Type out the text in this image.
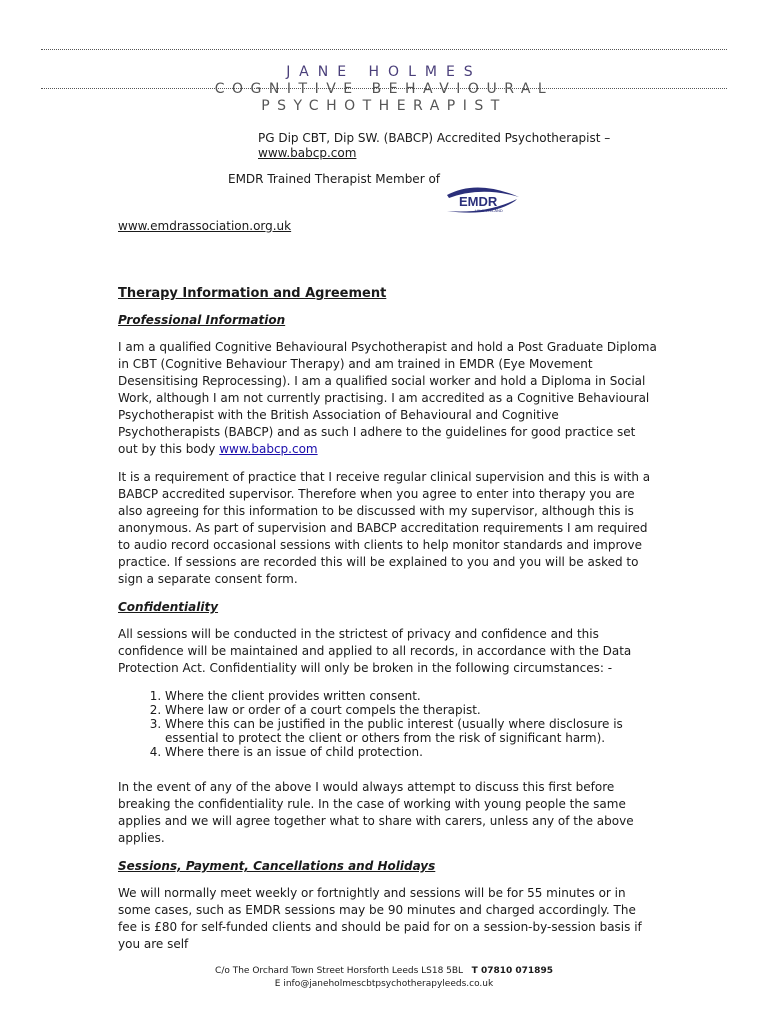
JANE HOLMES
COGNITIVE BEHAVIOURAL
PSYCHOTHERAPIST
PG Dip CBT, Dip SW. (BABCP) Accredited Psychotherapist –
www.babcp.com
EMDR Trained Therapist Member of
EMDR
UK & IRELAND
www.emdrassociation.org.uk
Therapy Information and Agreement
Professional Information

I am a qualified Cognitive Behavioural Psychotherapist and hold a Post Graduate Diploma in CBT (Cognitive Behaviour Therapy) and am trained in EMDR (Eye Movement Desensitising Reprocessing). I am a qualified social worker and hold a Diploma in Social Work, although I am not currently practising. I am accredited as a Cognitive Behavioural Psychotherapist with the British Association of Behavioural and Cognitive Psychotherapists (BABCP) and as such I adhere to the guidelines for good practice set out by this body www.babcp.com

It is a requirement of practice that I receive regular clinical supervision and this is with a BABCP accredited supervisor. Therefore when you agree to enter into therapy you are also agreeing for this information to be discussed with my supervisor, although this is anonymous. As part of supervision and BABCP accreditation requirements I am required to audio record occasional sessions with clients to help monitor standards and improve practice. If sessions are recorded this will be explained to you and you will be asked to sign a separate consent form.

Confidentiality

All sessions will be conducted in the strictest of privacy and confidence and this confidence will be maintained and applied to all records, in accordance with the Data Protection Act. Confidentiality will only be broken in the following circumstances: -

1. Where the client provides written consent.
2. Where law or order of a court compels the therapist.
3. Where this can be justified in the public interest (usually where disclosure is essential to protect the client or others from the risk of significant harm).
4. Where there is an issue of child protection.

In the event of any of the above I would always attempt to discuss this first before breaking the confidentiality rule. In the case of working with young people the same applies and we will agree together what to share with carers, unless any of the above applies.

Sessions, Payment, Cancellations and Holidays

We will normally meet weekly or fortnightly and sessions will be for 55 minutes or in some cases, such as EMDR sessions may be 90 minutes and charged accordingly. The fee is £80 for self-funded clients and should be paid for on a session-by-session basis if you are self

C/o The Orchard Town Street Horsforth Leeds LS18 5BL T 07810 071895
E info@janeholmescbtpsychotherapyleeds.co.uk
